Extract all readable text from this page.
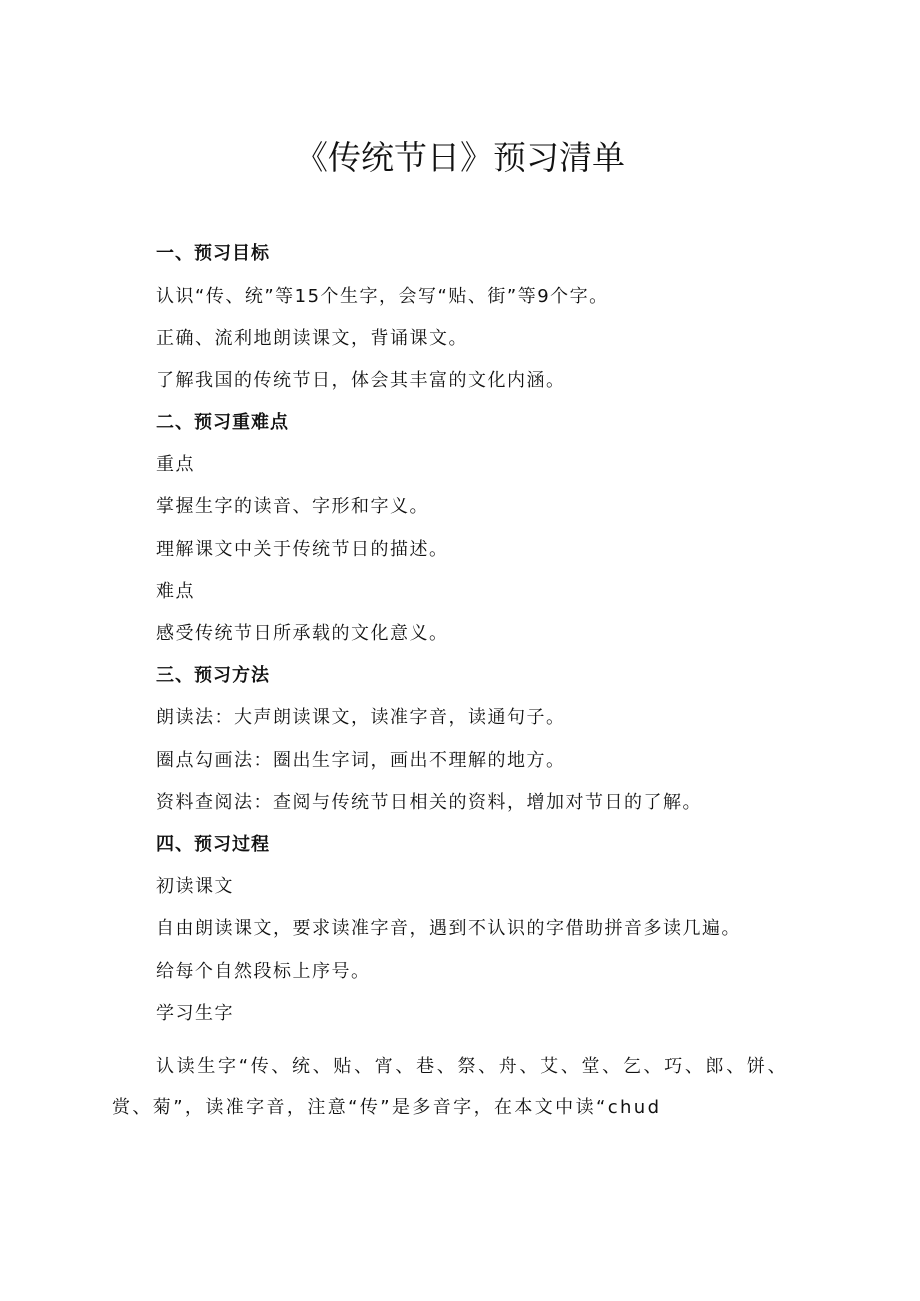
《传统节日》预习清单

一、预习目标

认识“传、统”等15个生字，会写“贴、街”等9个字。

正确、流利地朗读课文，背诵课文。

了解我国的传统节日，体会其丰富的文化内涵。

二、预习重难点

重点

掌握生字的读音、字形和字义。

理解课文中关于传统节日的描述。

难点

感受传统节日所承载的文化意义。

三、预习方法

朗读法：大声朗读课文，读准字音，读通句子。

圈点勾画法：圈出生字词，画出不理解的地方。

资料查阅法：查阅与传统节日相关的资料，增加对节日的了解。

四、预习过程

初读课文

自由朗读课文，要求读准字音，遇到不认识的字借助拼音多读几遍。

给每个自然段标上序号。

学习生字

认读生字“传、统、贴、宵、巷、祭、舟、艾、堂、乞、巧、郎、饼、赏、菊”，读准字音，注意“传”是多音字，在本文中读“chud
